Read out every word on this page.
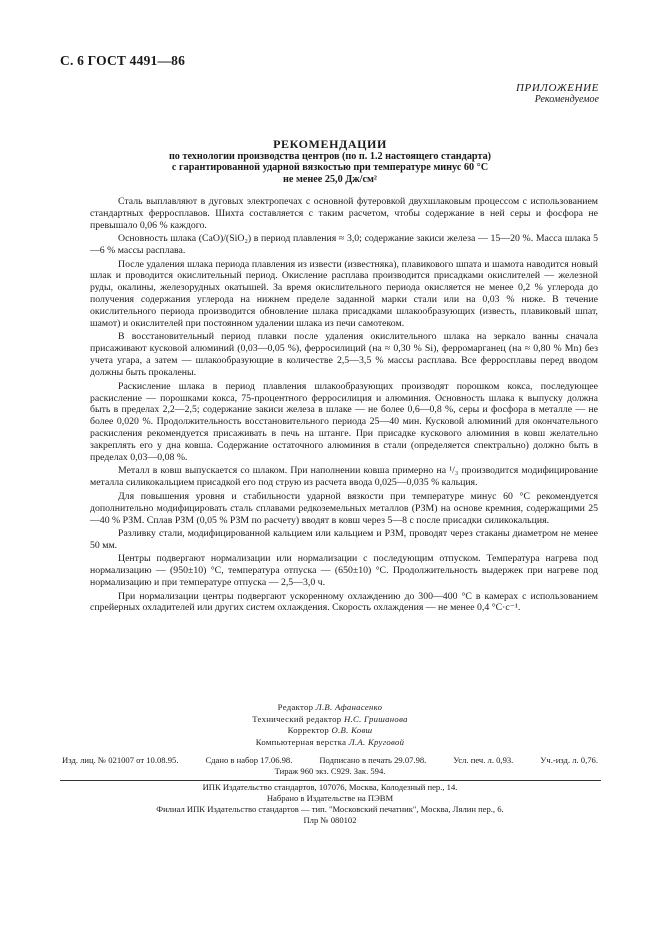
С. 6 ГОСТ 4491—86
ПРИЛОЖЕНИЕ
Рекомендуемое
РЕКОМЕНДАЦИИ
по технологии производства центров (по п. 1.2 настоящего стандарта)
с гарантированной ударной вязкостью при температуре минус 60 °С
не менее 25,0 Дж/см²

Сталь выплавляют в дуговых электропечах с основной футеровкой двухшлаковым процессом с использованием стандартных ферросплавов. Шихта составляется с таким расчетом, чтобы содержание в ней серы и фосфора не превышало 0,06 % каждого.

Основность шлака (CaO)/(SiO₂) в период плавления ≈ 3,0; содержание закиси железа — 15—20 %. Масса шлака 5—6 % массы расплава.

После удаления шлака периода плавления из извести (известняка), плавикового шпата и шамота наводится новый шлак и проводится окислительный период. Окисление расплава производится присадками окислителей — железной руды, окалины, железорудных окатышей. За время окислительного периода окисляется не менее 0,2 % углерода до получения содержания углерода на нижнем пределе заданной марки стали или на 0,03 % ниже. В течение окислительного периода производится обновление шлака присадками шлакообразующих (известь, плавиковый шпат, шамот) и окислителей при постоянном удалении шлака из печи самотеком.

В восстановительный период плавки после удаления окислительного шлака на зеркало ванны сначала присаживают кусковой алюминий (0,03—0,05 %), ферросилиций (на ≈ 0,30 % Si), ферромарганец (на ≈ 0,80 % Mn) без учета угара, а затем — шлакообразующие в количестве 2,5—3,5 % массы расплава. Все ферросплавы перед вводом должны быть прокалены.

Раскисление шлака в период плавления шлакообразующих производят порошком кокса, последующее раскисление — порошками кокса, 75-процентного ферросилиция и алюминия. Основность шлака к выпуску должна быть в пределах 2,2—2,5; содержание закиси железа в шлаке — не более 0,6—0,8 %, серы и фосфора в металле — не более 0,020 %. Продолжительность восстановительного периода 25—40 мин. Кусковой алюминий для окончательного раскисления рекомендуется присаживать в печь на штанге. При присадке кускового алюминия в ковш желательно закреплять его у дна ковша. Содержание остаточного алюминия в стали (определяется спектрально) должно быть в пределах 0,03—0,08 %.

Металл в ковш выпускается со шлаком. При наполнении ковша примерно на ¹/₃ производится модифицирование металла силикокальцием присадкой его под струю из расчета ввода 0,025—0,035 % кальция.

Для повышения уровня и стабильности ударной вязкости при температуре минус 60 °С рекомендуется дополнительно модифицировать сталь сплавами редкоземельных металлов (РЗМ) на основе кремния, содержащими 25—40 % РЗМ. Сплав РЗМ (0,05 % РЗМ по расчету) вводят в ковш через 5—8 с после присадки силикокальция.

Разливку стали, модифицированной кальцием или кальцием и РЗМ, проводят через стаканы диаметром не менее 50 мм.

Центры подвергают нормализации или нормализации с последующим отпуском. Температура нагрева под нормализацию — (950±10) °С, температура отпуска — (650±10) °С. Продолжительность выдержек при нагреве под нормализацию и при температуре отпуска — 2,5—3,0 ч.

При нормализации центры подвергают ускоренному охлаждению до 300—400 °С в камерах с использованием спрейерных охладителей или других систем охлаждения. Скорость охлаждения — не менее 0,4 °С·с⁻¹.

Редактор Л.В. Афанасенко
Технический редактор Н.С. Гришанова
Корректор О.В. Ковш
Компьютерная верстка Л.А. Круговой
Изд. лиц. № 021007 от 10.08.95.	Сдано в набор 17.06.98.	Подписано в печать 29.07.98.	Усл. печ. л. 0,93.	Уч.-изд. л. 0,76.
Тираж 960 экз. С929. Зак. 594.
ИПК Издательство стандартов, 107076, Москва, Колодезный пер., 14.
Набрано в Издательстве на ПЭВМ
Филиал ИПК Издательство стандартов — тип. "Московский печатник", Москва, Лялин пер., 6.
Плр № 080102
